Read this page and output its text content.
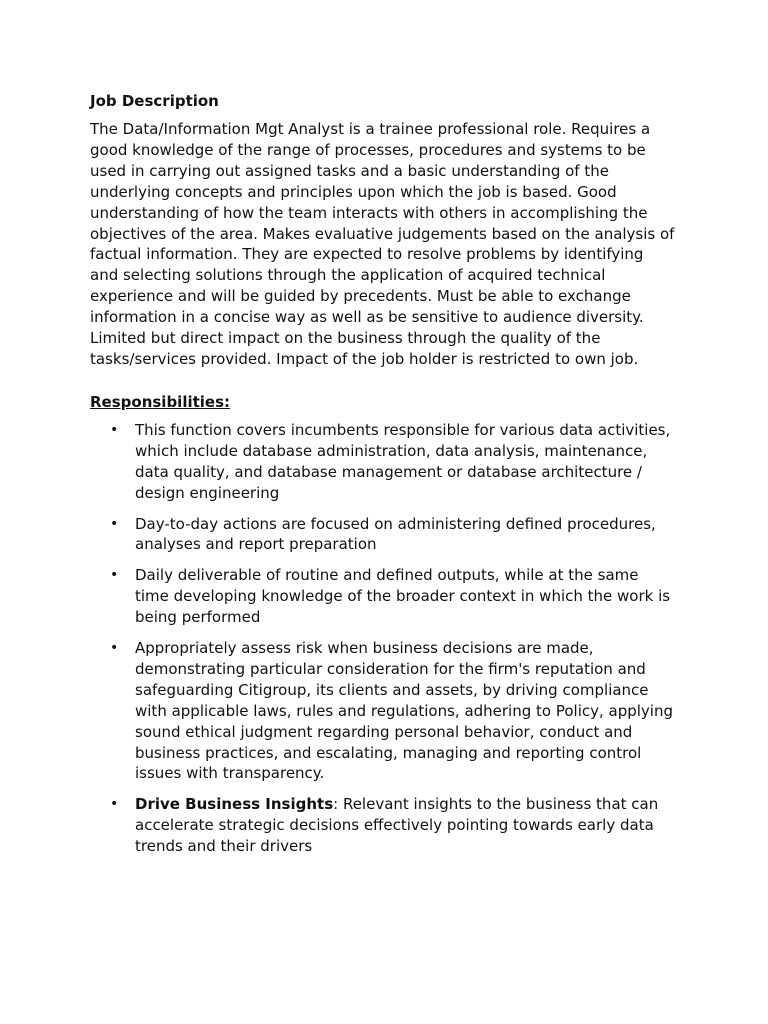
Job Description
The Data/Information Mgt Analyst is a trainee professional role. Requires a
good knowledge of the range of processes, procedures and systems to be
used in carrying out assigned tasks and a basic understanding of the
underlying concepts and principles upon which the job is based. Good
understanding of how the team interacts with others in accomplishing the
objectives of the area. Makes evaluative judgements based on the analysis of
factual information. They are expected to resolve problems by identifying
and selecting solutions through the application of acquired technical
experience and will be guided by precedents. Must be able to exchange
information in a concise way as well as be sensitive to audience diversity.
Limited but direct impact on the business through the quality of the
tasks/services provided. Impact of the job holder is restricted to own job.
Responsibilities:
• This function covers incumbents responsible for various data activities,
which include database administration, data analysis, maintenance,
data quality, and database management or database architecture /
design engineering
• Day-to-day actions are focused on administering defined procedures,
analyses and report preparation
• Daily deliverable of routine and defined outputs, while at the same
time developing knowledge of the broader context in which the work is
being performed
• Appropriately assess risk when business decisions are made,
demonstrating particular consideration for the firm's reputation and
safeguarding Citigroup, its clients and assets, by driving compliance
with applicable laws, rules and regulations, adhering to Policy, applying
sound ethical judgment regarding personal behavior, conduct and
business practices, and escalating, managing and reporting control
issues with transparency.
• Drive Business Insights: Relevant insights to the business that can
accelerate strategic decisions effectively pointing towards early data
trends and their drivers
